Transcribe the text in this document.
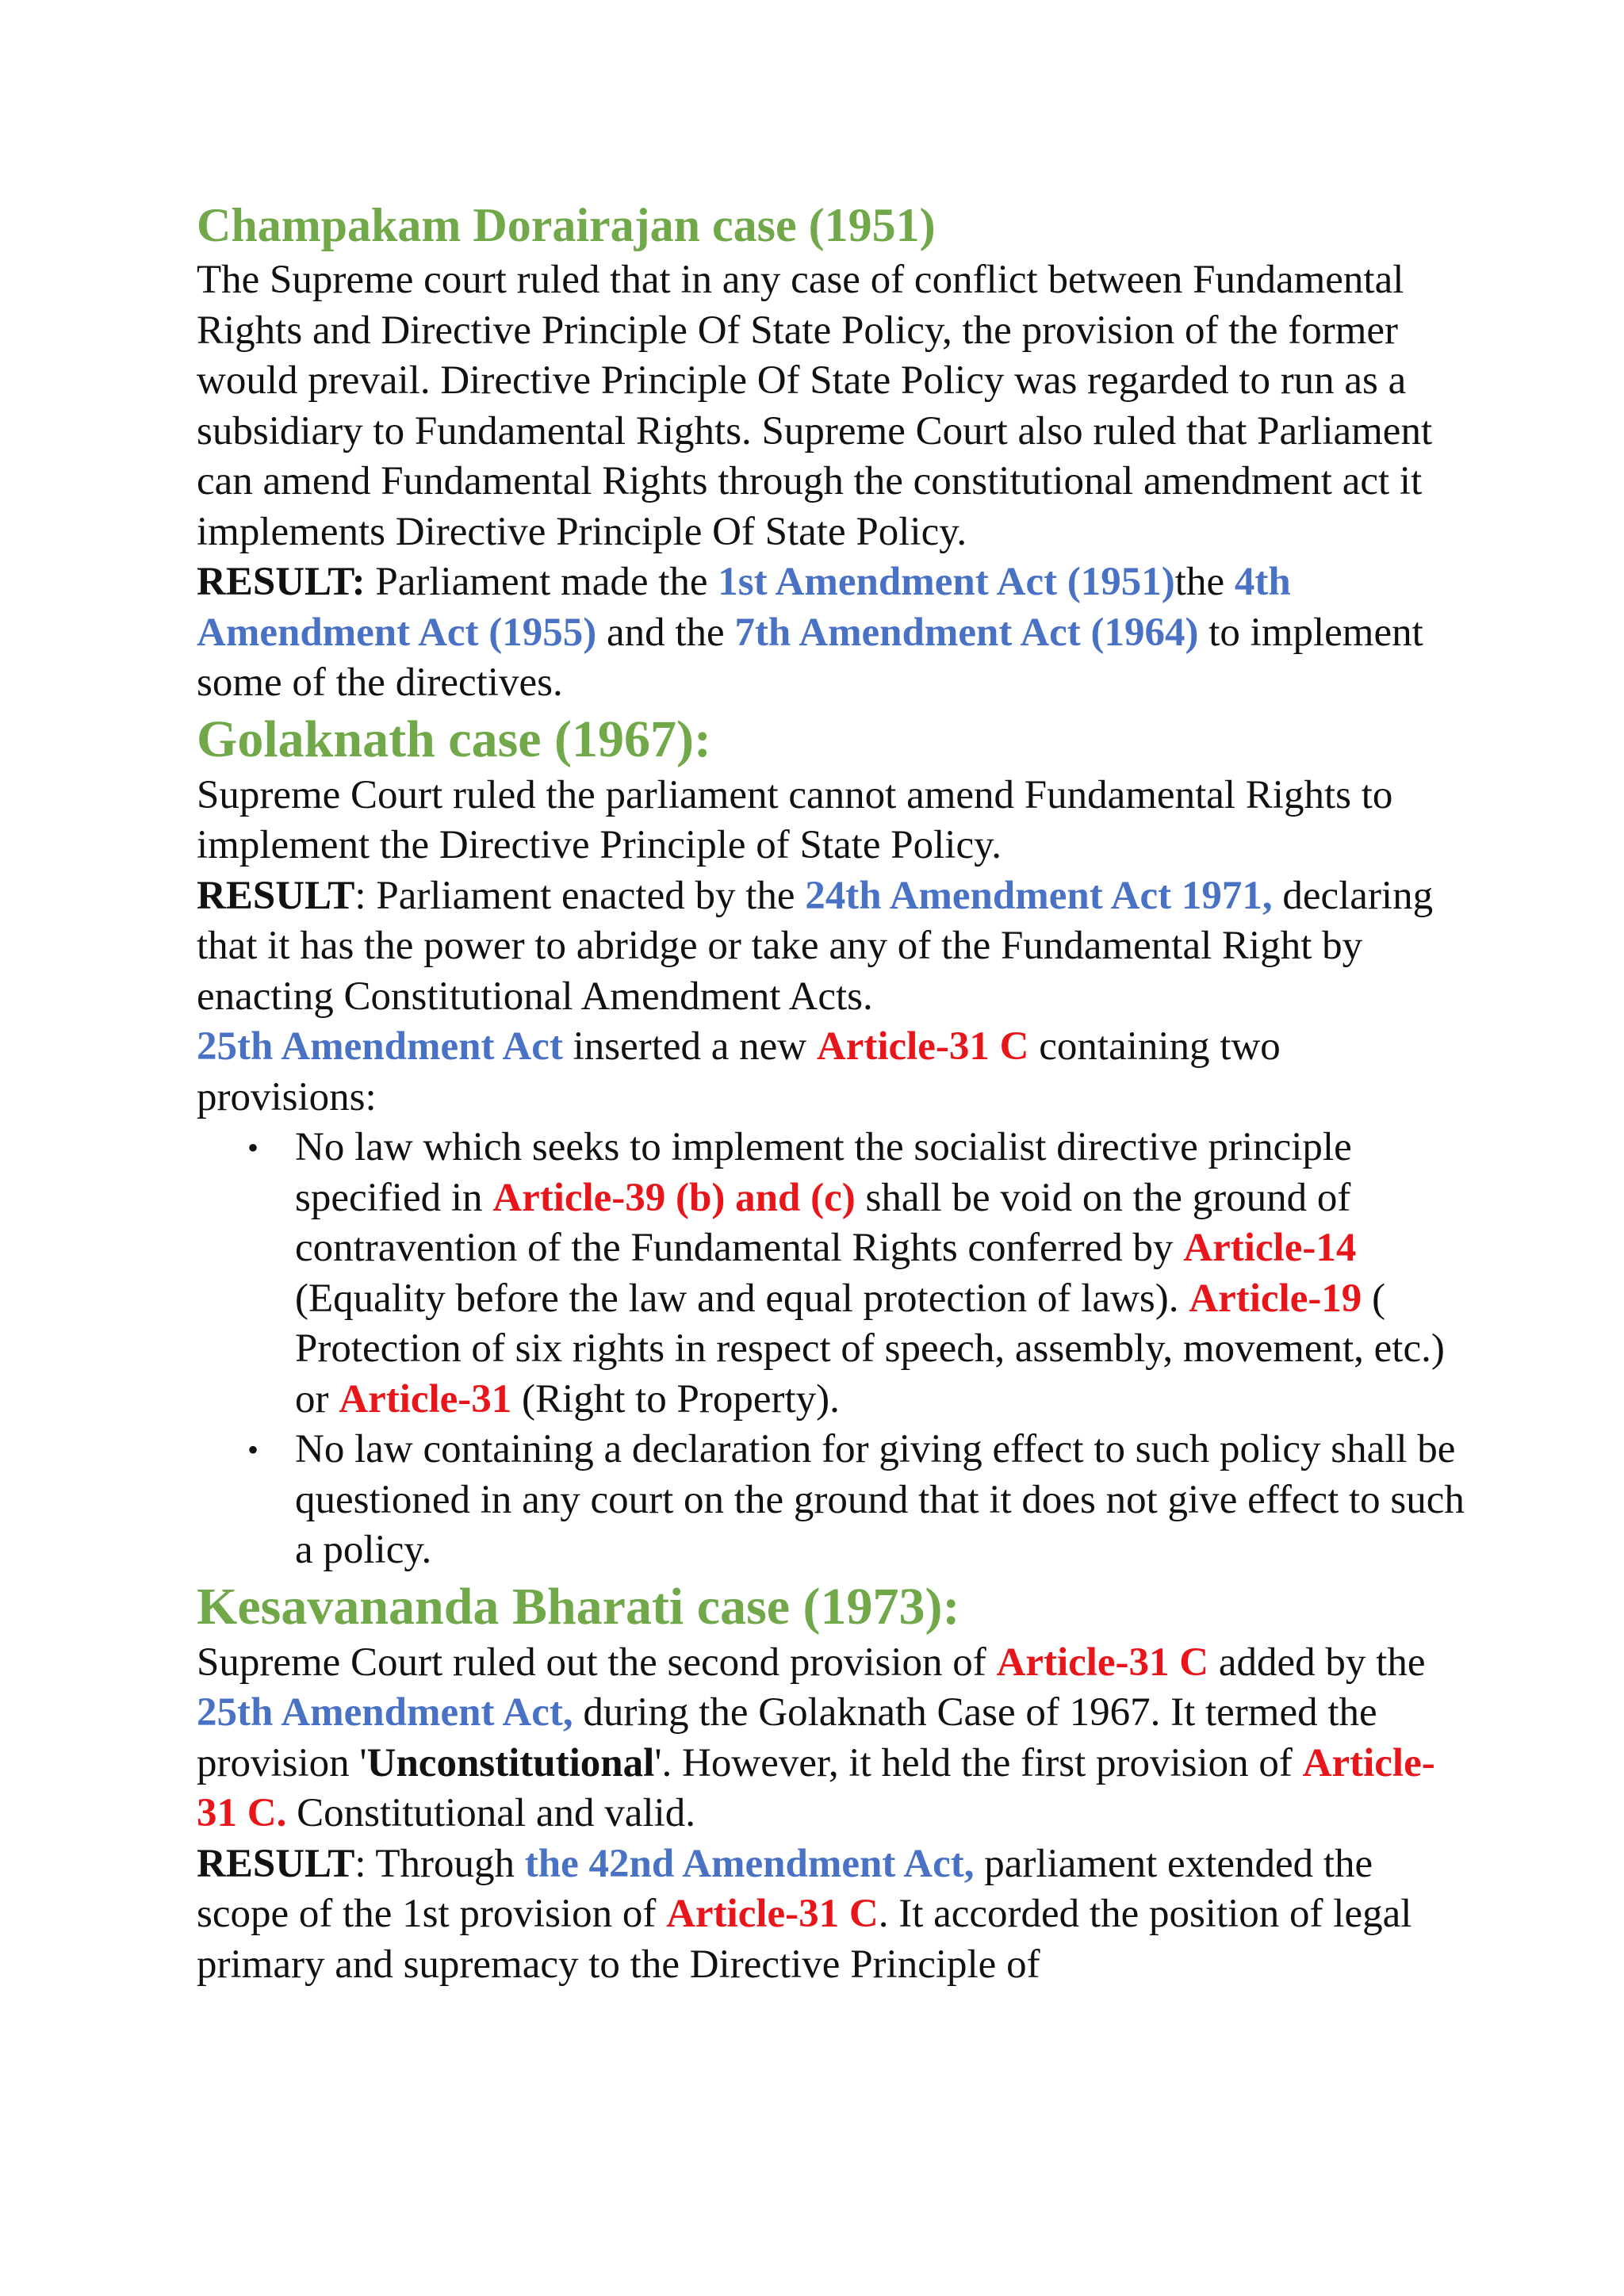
Champakam Dorairajan case (1951)

The Supreme court ruled that in any case of conflict between Fundamental Rights and Directive Principle Of State Policy, the provision of the former would prevail. Directive Principle Of State Policy was regarded to run as a subsidiary to Fundamental Rights. Supreme Court also ruled that Parliament can amend Fundamental Rights through the constitutional amendment act it implements Directive Principle Of State Policy.

RESULT: Parliament made the 1st Amendment Act (1951)the 4th Amendment Act (1955) and the 7th Amendment Act (1964) to implement some of the directives.

Golaknath case (1967):

Supreme Court ruled the parliament cannot amend Fundamental Rights to implement the Directive Principle of State Policy.

RESULT: Parliament enacted by the 24th Amendment Act 1971, declaring that it has the power to abridge or take any of the Fundamental Right by enacting Constitutional Amendment Acts.

25th Amendment Act inserted a new Article-31 C containing two provisions:

• No law which seeks to implement the socialist directive principle specified in Article-39 (b) and (c) shall be void on the ground of contravention of the Fundamental Rights conferred by Article-14 (Equality before the law and equal protection of laws). Article-19 ( Protection of six rights in respect of speech, assembly, movement, etc.) or Article-31 (Right to Property).
• No law containing a declaration for giving effect to such policy shall be questioned in any court on the ground that it does not give effect to such a policy.
Kesavananda Bharati case (1973):

Supreme Court ruled out the second provision of Article-31 C added by the 25th Amendment Act, during the Golaknath Case of 1967. It termed the provision 'Unconstitutional'. However, it held the first provision of Article-31 C. Constitutional and valid.

RESULT: Through the 42nd Amendment Act, parliament extended the scope of the 1st provision of Article-31 C. It accorded the position of legal primary and supremacy to the Directive Principle of
